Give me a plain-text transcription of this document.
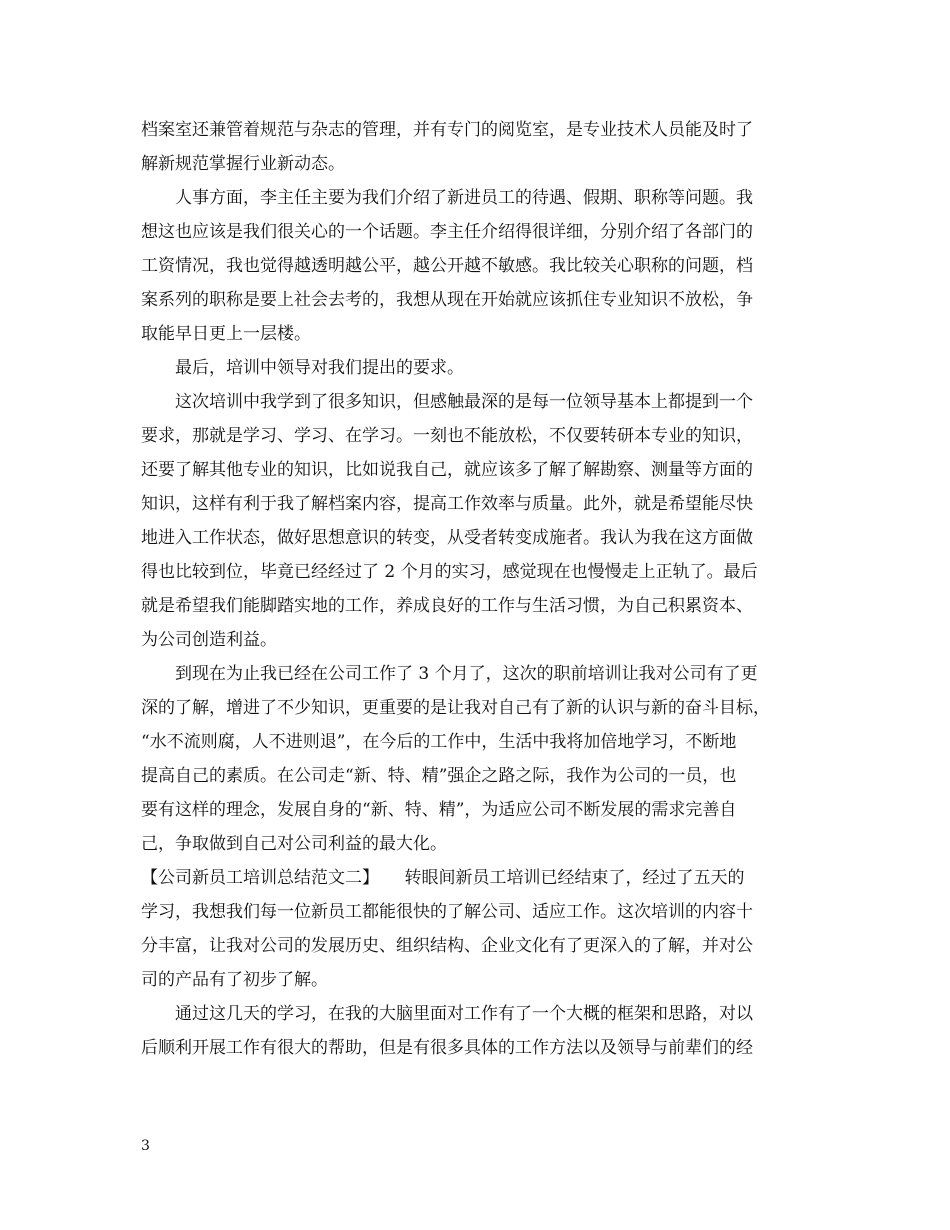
档案室还兼管着规范与杂志的管理，并有专门的阅览室，是专业技术人员能及时了
解新规范掌握行业新动态。
　　人事方面，李主任主要为我们介绍了新进员工的待遇、假期、职称等问题。我
想这也应该是我们很关心的一个话题。李主任介绍得很详细，分别介绍了各部门的
工资情况，我也觉得越透明越公平，越公开越不敏感。我比较关心职称的问题，档
案系列的职称是要上社会去考的，我想从现在开始就应该抓住专业知识不放松，争
取能早日更上一层楼。
　　最后，培训中领导对我们提出的要求。
　　这次培训中我学到了很多知识，但感触最深的是每一位领导基本上都提到一个
要求，那就是学习、学习、在学习。一刻也不能放松，不仅要转研本专业的知识，
还要了解其他专业的知识，比如说我自己，就应该多了解了解勘察、测量等方面的
知识，这样有利于我了解档案内容，提高工作效率与质量。此外，就是希望能尽快
地进入工作状态，做好思想意识的转变，从受者转变成施者。我认为我在这方面做
得也比较到位，毕竟已经经过了 2 个月的实习，感觉现在也慢慢走上正轨了。最后
就是希望我们能脚踏实地的工作，养成良好的工作与生活习惯，为自己积累资本、
为公司创造利益。
　　到现在为止我已经在公司工作了 3 个月了，这次的职前培训让我对公司有了更
深的了解，增进了不少知识，更重要的是让我对自己有了新的认识与新的奋斗目标，
“水不流则腐，人不进则退”，在今后的工作中，生活中我将加倍地学习，不断地
提高自己的素质。在公司走“新、特、精”强企之路之际，我作为公司的一员，也
要有这样的理念，发展自身的“新、特、精”，为适应公司不断发展的需求完善自
己，争取做到自己对公司利益的最大化。
【公司新员工培训总结范文二】　　转眼间新员工培训已经结束了，经过了五天的
学习，我想我们每一位新员工都能很快的了解公司、适应工作。这次培训的内容十
分丰富，让我对公司的发展历史、组织结构、企业文化有了更深入的了解，并对公
司的产品有了初步了解。
　　通过这几天的学习，在我的大脑里面对工作有了一个大概的框架和思路，对以
后顺利开展工作有很大的帮助，但是有很多具体的工作方法以及领导与前辈们的经
3
